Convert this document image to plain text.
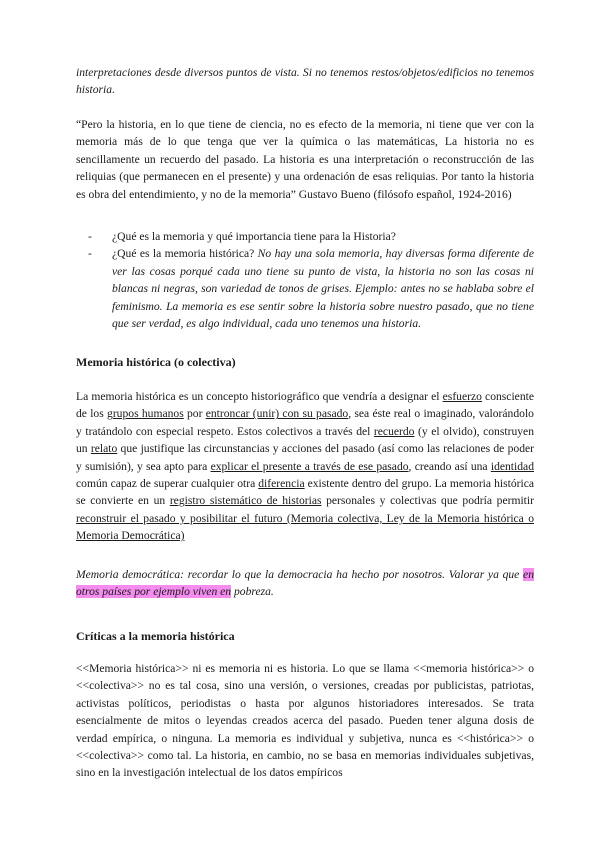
interpretaciones desde diversos puntos de vista. Si no tenemos restos/objetos/edificios no tenemos historia.

“Pero la historia, en lo que tiene de ciencia, no es efecto de la memoria, ni tiene que ver con la memoria más de lo que tenga que ver la química o las matemáticas, La historia no es sencillamente un recuerdo del pasado. La historia es una interpretación o reconstrucción de las reliquias (que permanecen en el presente) y una ordenación de esas reliquias. Por tanto la historia es obra del entendimiento, y no de la memoria” Gustavo Bueno (filósofo español, 1924-2016)

- ¿Qué es la memoria y qué importancia tiene para la Historia?
- ¿Qué es la memoria histórica? No hay una sola memoria, hay diversas forma diferente de ver las cosas porqué cada uno tiene su punto de vista, la historia no son las cosas ni blancas ni negras, son variedad de tonos de grises. Ejemplo: antes no se hablaba sobre el feminismo. La memoria es ese sentir sobre la historia sobre nuestro pasado, que no tiene que ser verdad, es algo individual, cada uno tenemos una historia.

Memoria histórica (o colectiva)

La memoria histórica es un concepto historiográfico que vendría a designar el esfuerzo consciente de los grupos humanos por entroncar (unir) con su pasado, sea éste real o imaginado, valorándolo y tratándolo con especial respeto. Estos colectivos a través del recuerdo (y el olvido), construyen un relato que justifique las circunstancias y acciones del pasado (así como las relaciones de poder y sumisión), y sea apto para explicar el presente a través de ese pasado, creando así una identidad común capaz de superar cualquier otra diferencia existente dentro del grupo. La memoria histórica se convierte en un registro sistemático de historias personales y colectivas que podría permitir reconstruir el pasado y posibilitar el futuro (Memoria colectiva, Ley de la Memoria histórica o Memoria Democrática)

Memoria democrática: recordar lo que la democracia ha hecho por nosotros. Valorar ya que en otros países por ejemplo viven en pobreza.

Críticas a la memoria histórica

<<Memoria histórica>> ni es memoria ni es historia. Lo que se llama <<memoria histórica>> o <<colectiva>> no es tal cosa, sino una versión, o versiones, creadas por publicistas, patriotas, activistas políticos, periodistas o hasta por algunos historiadores interesados. Se trata esencialmente de mitos o leyendas creados acerca del pasado. Pueden tener alguna dosis de verdad empírica, o ninguna. La memoria es individual y subjetiva, nunca es <<histórica>> o <<colectiva>> como tal. La historia, en cambio, no se basa en memorias individuales subjetivas, sino en la investigación intelectual de los datos empíricos
